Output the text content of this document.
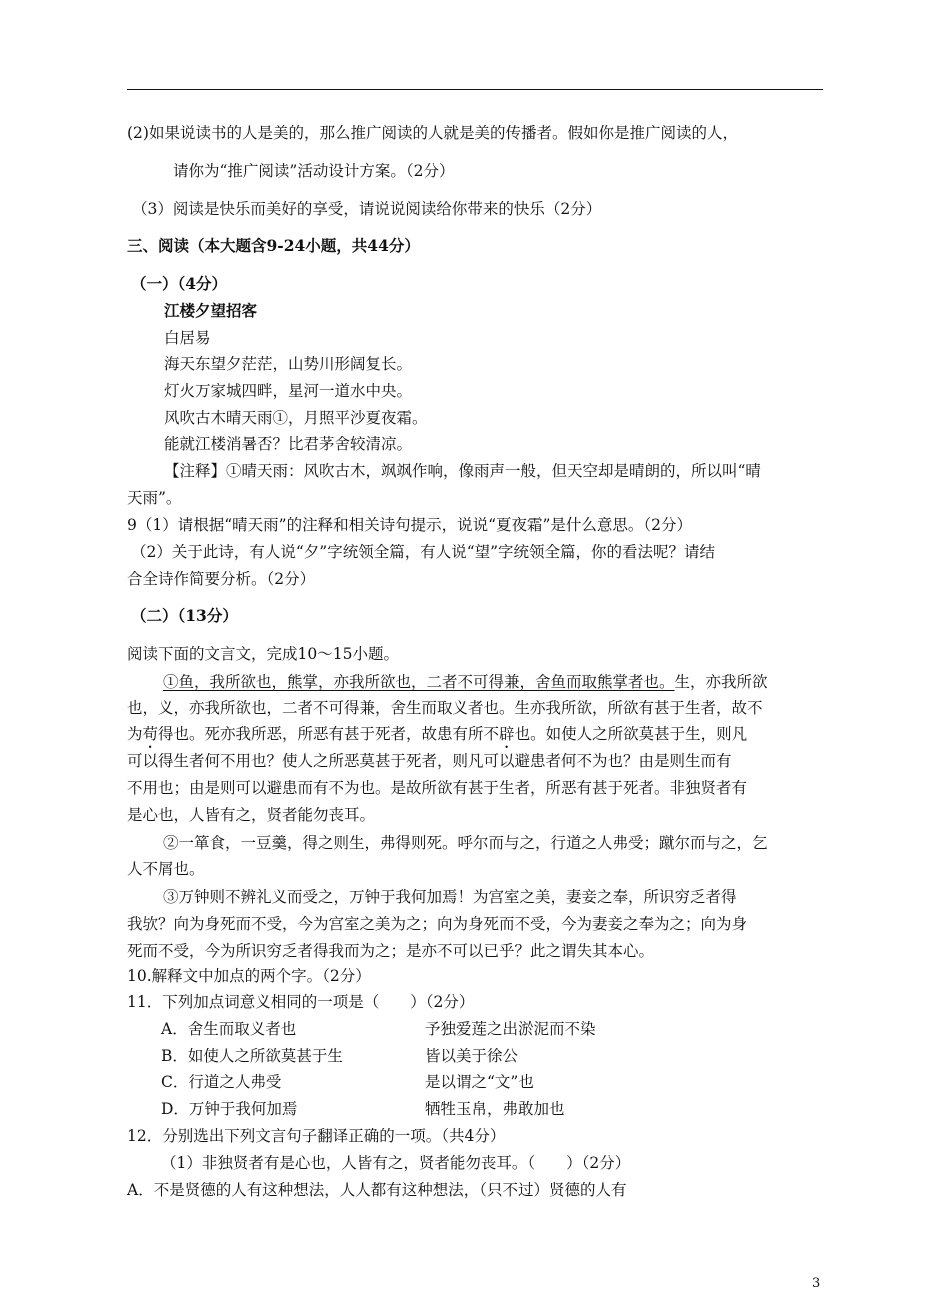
(2)如果说读书的人是美的，那么推广阅读的人就是美的传播者。假如你是推广阅读的人，
请你为“推广阅读”活动设计方案。（2分）
（3）阅读是快乐而美好的享受，请说说阅读给你带来的快乐（2分）
三、阅读（本大题含9-24小题，共44分）
（一）（4分）
江楼夕望招客
白居易
海天东望夕茫茫，山势川形阔复长。
灯火万家城四畔，星河一道水中央。
风吹古木晴天雨①，月照平沙夏夜霜。
能就江楼消暑否？比君茅舍较清凉。
【注释】①晴天雨：风吹古木，飒飒作响，像雨声一般，但天空却是晴朗的，所以叫“晴
天雨”。
9（1）请根据“晴天雨”的注释和相关诗句提示，说说“夏夜霜”是什么意思。（2分）
（2）关于此诗，有人说“夕”字统领全篇，有人说“望”字统领全篇，你的看法呢？请结
合全诗作简要分析。（2分）
（二）（13分）
阅读下面的文言文，完成10～15小题。
①鱼，我所欲也，熊掌，亦我所欲也，二者不可得兼，舍鱼而取熊掌者也。生，亦我所欲
也，义，亦我所欲也，二者不可得兼，舍生而取义者也。生亦我所欲，所欲有甚于生者，故不
为苟得也。死亦我所恶，所恶有甚于死者，故患有所不辟也。如使人之所欲莫甚于生，则凡
可以得生者何不用也？使人之所恶莫甚于死者，则凡可以避患者何不为也？由是则生而有
不用也；由是则可以避患而有不为也。是故所欲有甚于生者，所恶有甚于死者。非独贤者有
是心也，人皆有之，贤者能勿丧耳。
②一箪食，一豆羹，得之则生，弗得则死。呼尔而与之，行道之人弗受；蹴尔而与之，乞
人不屑也。
③万钟则不辨礼义而受之，万钟于我何加焉！为宫室之美，妻妾之奉，所识穷乏者得
我欤？向为身死而不受，今为宫室之美为之；向为身死而不受，今为妻妾之奉为之；向为身
死而不受，今为所识穷乏者得我而为之；是亦不可以已乎？此之谓失其本心。
10.解释文中加点的两个字。（2分）
11．下列加点词意义相同的一项是（　　）（2分）
A．舍生而取义者也	予独爱莲之出淤泥而不染
B．如使人之所欲莫甚于生	皆以美于徐公
C．行道之人弗受	是以谓之“文”也
D．万钟于我何加焉	牺牲玉帛，弗敢加也
12．分别选出下列文言句子翻译正确的一项。（共4分）
（1）非独贤者有是心也，人皆有之，贤者能勿丧耳。（　　）（2分）
A．不是贤德的人有这种想法，人人都有这种想法，（只不过）贤德的人有
3
